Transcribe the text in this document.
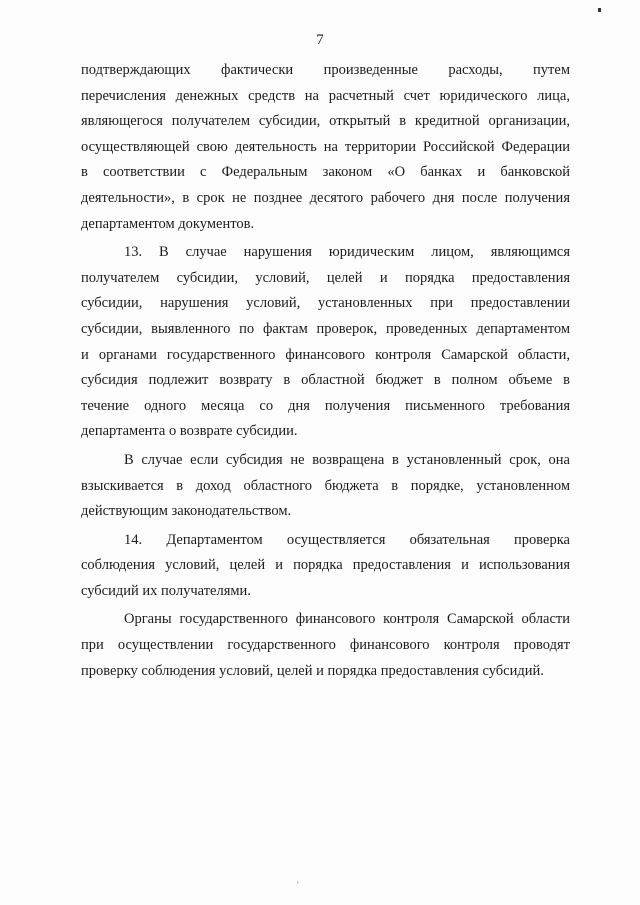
7
подтверждающих фактически произведенные расходы, путем
перечисления денежных средств на расчетный счет юридического лица,
являющегося получателем субсидии, открытый в кредитной организации,
осуществляющей свою деятельность на территории Российской Федерации
в соответствии с Федеральным законом «О банках и банковской
деятельности», в срок не позднее десятого рабочего дня после получения
департаментом документов.
13. В случае нарушения юридическим лицом, являющимся
получателем субсидии, условий, целей и порядка предоставления
субсидии, нарушения условий, установленных при предоставлении
субсидии, выявленного по фактам проверок, проведенных департаментом
и органами государственного финансового контроля Самарской области,
субсидия подлежит возврату в областной бюджет в полном объеме в
течение одного месяца со дня получения письменного требования
департамента о возврате субсидии.
В случае если субсидия не возвращена в установленный срок, она
взыскивается в доход областного бюджета в порядке, установленном
действующим законодательством.
14. Департаментом осуществляется обязательная проверка
соблюдения условий, целей и порядка предоставления и использования
субсидий их получателями.
Органы государственного финансового контроля Самарской области
при осуществлении государственного финансового контроля проводят
проверку соблюдения условий, целей и порядка предоставления субсидий.
˒
